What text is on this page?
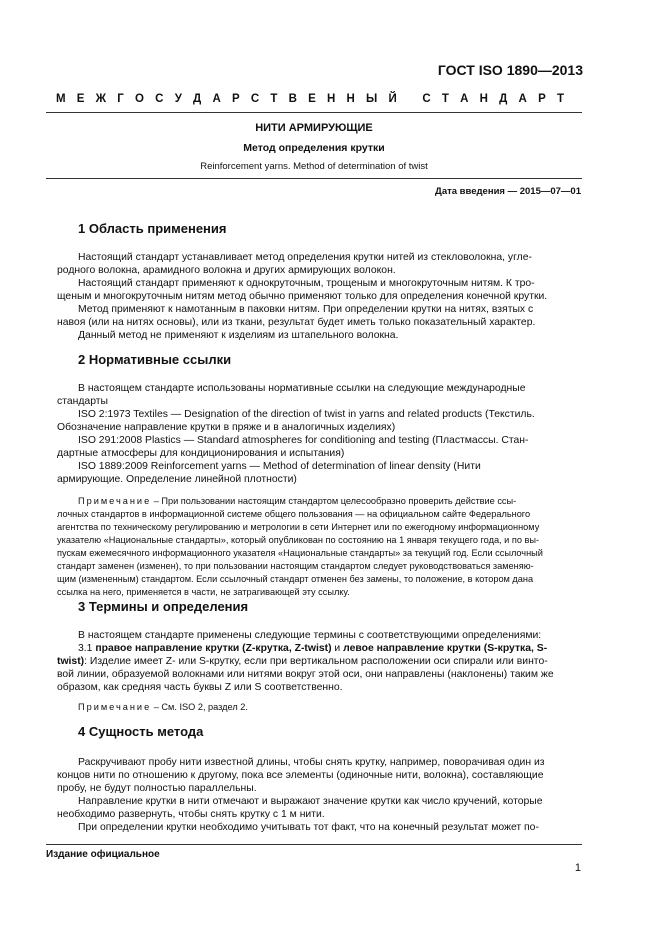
ГОСТ ISO 1890—2013
М Е Ж Г О С У Д А Р С Т В Е Н Н Ы Й
С Т А Н Д А Р Т
НИТИ АРМИРУЮЩИЕ
Метод определения крутки
Reinforcement yarns. Method of determination of twist
Дата введения — 2015—07—01
1 Область применения
Настоящий стандарт устанавливает метод определения крутки нитей из стекловолокна, угле-
родного волокна, арамидного волокна и других армирующих волокон.
Настоящий стандарт применяют к однокруточным, трощеным и многокруточным нитям. К тро-
щеным и многокруточным нитям метод обычно применяют только для определения конечной крутки.
Метод применяют к намотанным в паковки нитям. При определении крутки на нитях, взятых с
навоя (или на нитях основы), или из ткани, результат будет иметь только показательный характер.
Данный метод не применяют к изделиям из штапельного волокна.
2 Нормативные ссылки
В настоящем стандарте использованы нормативные ссылки на следующие международные
стандарты
ISO 2:1973 Textiles — Designation of the direction of twist in yarns and related products (Текстиль.
Обозначение направление крутки в пряже и в аналогичных изделиях)
ISO 291:2008 Plastics — Standard atmospheres for conditioning and testing (Пластмассы. Стан-
дартные атмосферы для кондиционирования и испытания)
ISO 1889:2009 Reinforcement yarns — Method of determination of linear density (Нити
армирующие. Определение линейной плотности)
Примечание – При пользовании настоящим стандартом целесообразно проверить действие ссы-
лочных стандартов в информационной системе общего пользования — на официальном сайте Федерального
агентства по техническому регулированию и метрологии в сети Интернет или по ежегодному информационному
указателю «Национальные стандарты», который опубликован по состоянию на 1 января текущего года, и по вы-
пускам ежемесячного информационного указателя «Национальные стандарты» за текущий год. Если ссылочный
стандарт заменен (изменен), то при пользовании настоящим стандартом следует руководствоваться заменяю-
щим (измененным) стандартом. Если ссылочный стандарт отменен без замены, то положение, в котором дана
ссылка на него, применяется в части, не затрагивающей эту ссылку.
3 Термины и определения
В настоящем стандарте применены следующие термины с соответствующими определениями:
3.1 правое направление крутки (Z-крутка, Z-twist) и левое направление крутки (S-крутка, S-
twist): Изделие имеет Z- или S-крутку, если при вертикальном расположении оси спирали или винто-
вой линии, образуемой волокнами или нитями вокруг этой оси, они направлены (наклонены) таким же
образом, как средняя часть буквы Z или S соответственно.
Примечание – См. ISO 2, раздел 2.
4 Сущность метода
Раскручивают пробу нити известной длины, чтобы снять крутку, например, поворачивая один из
концов нити по отношению к другому, пока все элементы (одиночные нити, волокна), составляющие
пробу, не будут полностью параллельны.
Направление крутки в нити отмечают и выражают значение крутки как число кручений, которые
необходимо развернуть, чтобы снять крутку с 1 м нити.
При определении крутки необходимо учитывать тот факт, что на конечный результат может по-
Издание официальное
1
